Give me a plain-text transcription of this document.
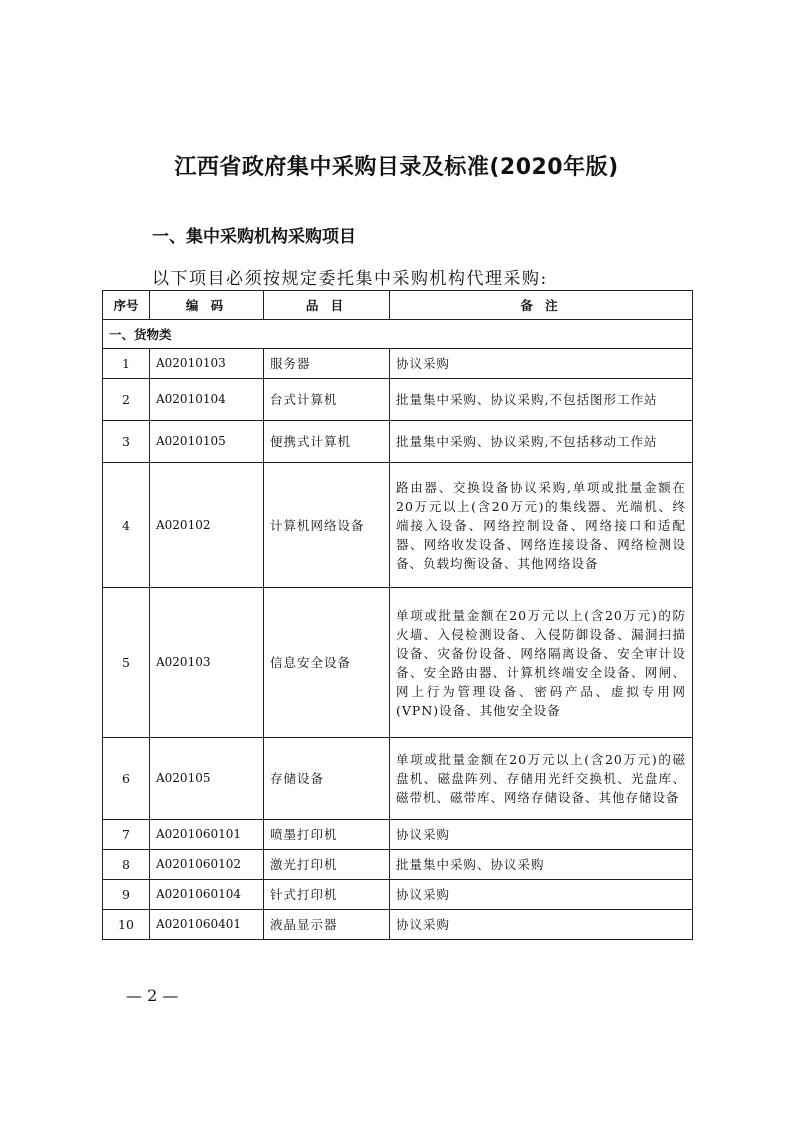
江西省政府集中采购目录及标准(2020年版)
一、集中采购机构采购项目
以下项目必须按规定委托集中采购机构代理采购:
序号	编 码	品 目	备 注
一、货物类			
1	A02010103	服务器	协议采购
2	A02010104	台式计算机	批量集中采购、协议采购,不包括图形工作站
3	A02010105	便携式计算机	批量集中采购、协议采购,不包括移动工作站
4	A020102	计算机网络设备	路由器、交换设备协议采购,单项或批量金额在20万元以上(含20万元)的集线器、光端机、终端接入设备、网络控制设备、网络接口和适配器、网络收发设备、网络连接设备、网络检测设备、负载均衡设备、其他网络设备
5	A020103	信息安全设备	单项或批量金额在20万元以上(含20万元)的防火墙、入侵检测设备、入侵防御设备、漏洞扫描设备、灾备份设备、网络隔离设备、安全审计设备、安全路由器、计算机终端安全设备、网闸、网上行为管理设备、密码产品、虚拟专用网(VPN)设备、其他安全设备
6	A020105	存储设备	单项或批量金额在20万元以上(含20万元)的磁盘机、磁盘阵列、存储用光纤交换机、光盘库、磁带机、磁带库、网络存储设备、其他存储设备
7	A0201060101	喷墨打印机	协议采购
8	A0201060102	激光打印机	批量集中采购、协议采购
9	A0201060104	针式打印机	协议采购
10	A0201060401	液晶显示器	协议采购
— 2 —
